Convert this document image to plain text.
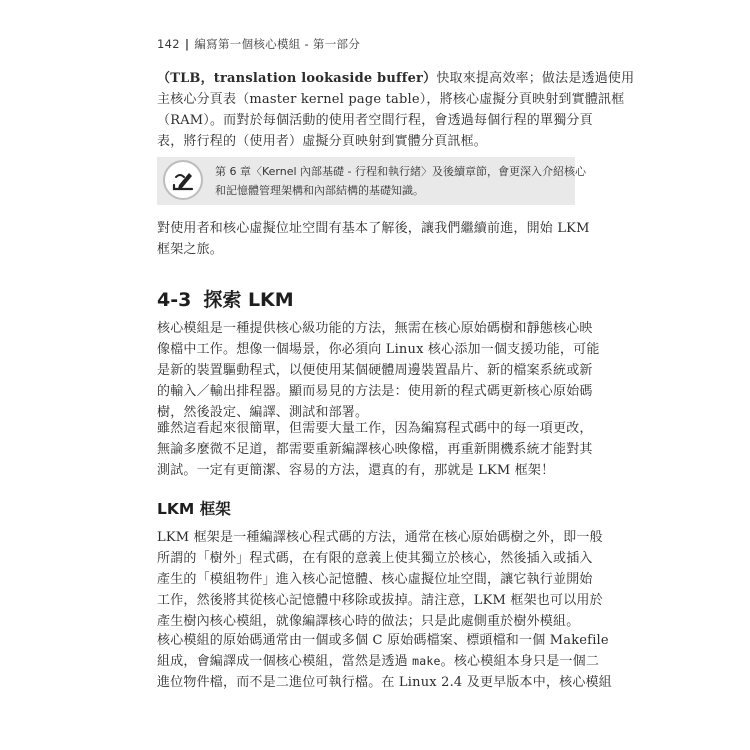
142 | 編寫第一個核心模組 - 第一部分
（TLB，translation lookaside buffer）快取來提高效率；做法是透過使用
主核心分頁表（master kernel page table），將核心虛擬分頁映射到實體訊框
（RAM）。而對於每個活動的使用者空間行程，會透過每個行程的單獨分頁
表，將行程的（使用者）虛擬分頁映射到實體分頁訊框。
第 6 章〈Kernel 內部基礎 - 行程和執行緒〉及後續章節，會更深入介紹核心
和記憶體管理架構和內部結構的基礎知識。
對使用者和核心虛擬位址空間有基本了解後，讓我們繼續前進，開始 LKM
框架之旅。
4-3 探索 LKM
核心模組是一種提供核心級功能的方法，無需在核心原始碼樹和靜態核心映
像檔中工作。想像一個場景，你必須向 Linux 核心添加一個支援功能，可能
是新的裝置驅動程式，以便使用某個硬體周邊裝置晶片、新的檔案系統或新
的輸入／輸出排程器。顯而易見的方法是：使用新的程式碼更新核心原始碼
樹，然後設定、編譯、測試和部署。
雖然這看起來很簡單，但需要大量工作，因為編寫程式碼中的每一項更改，
無論多麼微不足道，都需要重新編譯核心映像檔，再重新開機系統才能對其
測試。一定有更簡潔、容易的方法，還真的有，那就是 LKM 框架！
LKM 框架
LKM 框架是一種編譯核心程式碼的方法，通常在核心原始碼樹之外，即一般
所謂的「樹外」程式碼，在有限的意義上使其獨立於核心，然後插入或插入
產生的「模組物件」進入核心記憶體、核心虛擬位址空間，讓它執行並開始
工作，然後將其從核心記憶體中移除或拔掉。請注意，LKM 框架也可以用於
產生樹內核心模組，就像編譯核心時的做法；只是此處側重於樹外模組。
核心模組的原始碼通常由一個或多個 C 原始碼檔案、標頭檔和一個 Makefile
組成，會編譯成一個核心模組，當然是透過 make。核心模組本身只是一個二
進位物件檔，而不是二進位可執行檔。在 Linux 2.4 及更早版本中，核心模組
